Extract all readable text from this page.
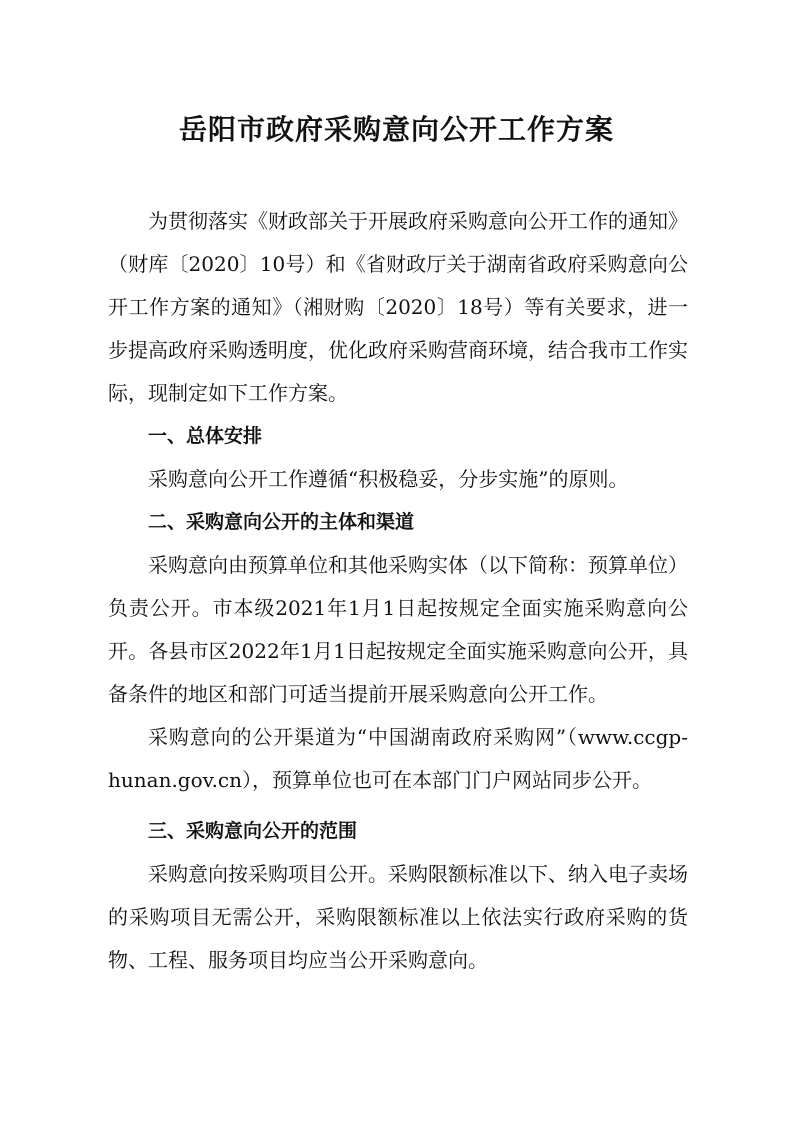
岳阳市政府采购意向公开工作方案

为贯彻落实《财政部关于开展政府采购意向公开工作的通知》（财库〔2020〕10号）和《省财政厅关于湖南省政府采购意向公开工作方案的通知》（湘财购〔2020〕18号）等有关要求，进一步提高政府采购透明度，优化政府采购营商环境，结合我市工作实际，现制定如下工作方案。

一、总体安排

采购意向公开工作遵循“积极稳妥，分步实施”的原则。

二、采购意向公开的主体和渠道

采购意向由预算单位和其他采购实体（以下简称：预算单位）负责公开。市本级2021年1月1日起按规定全面实施采购意向公开。各县市区2022年1月1日起按规定全面实施采购意向公开，具备条件的地区和部门可适当提前开展采购意向公开工作。

采购意向的公开渠道为“中国湖南政府采购网”（www.ccgp-hunan.gov.cn），预算单位也可在本部门门户网站同步公开。

三、采购意向公开的范围

采购意向按采购项目公开。采购限额标准以下、纳入电子卖场的采购项目无需公开，采购限额标准以上依法实行政府采购的货物、工程、服务项目均应当公开采购意向。
